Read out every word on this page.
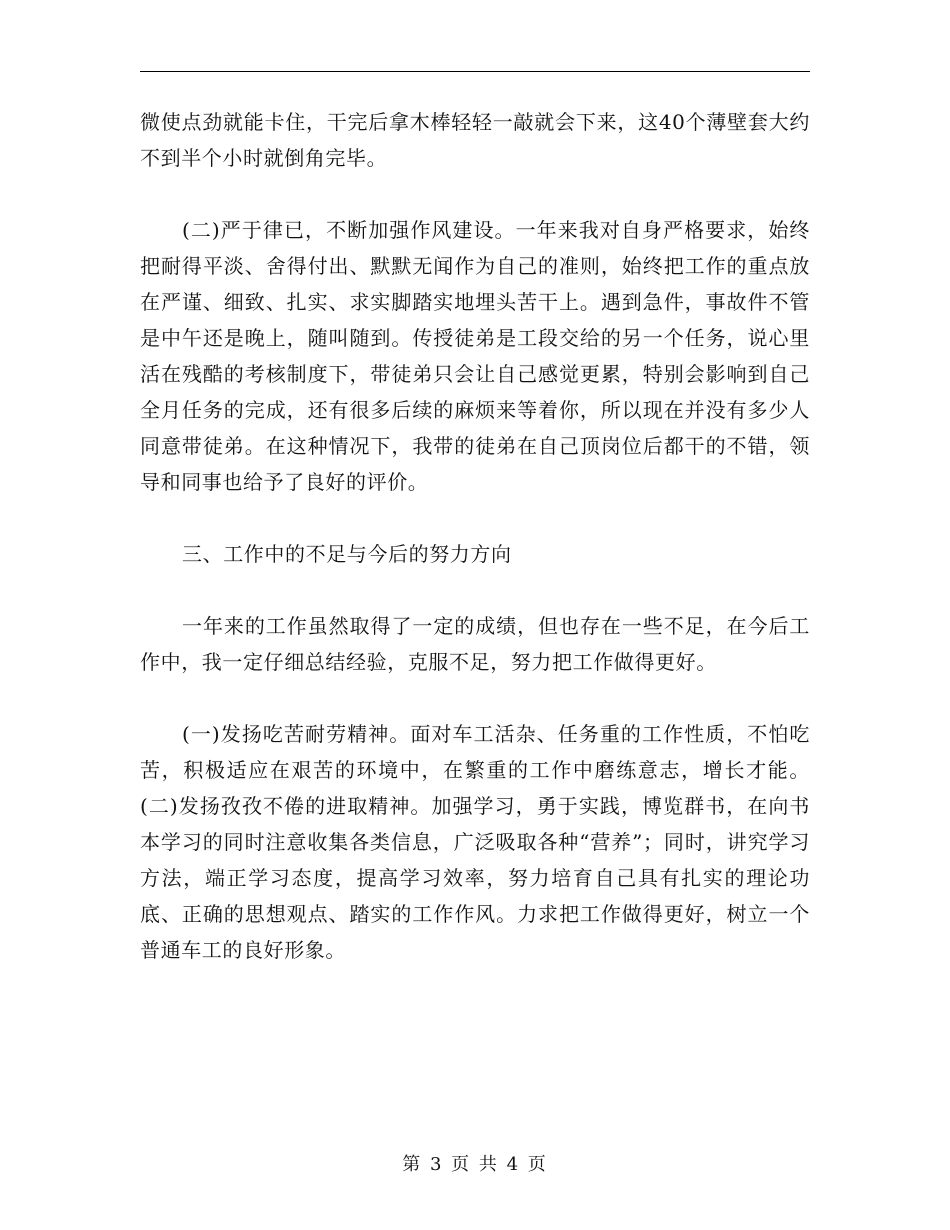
微使点劲就能卡住，干完后拿木棒轻轻一敲就会下来，这40个薄壁套大约不到半个小时就倒角完毕。

(二)严于律已，不断加强作风建设。一年来我对自身严格要求，始终把耐得平淡、舍得付出、默默无闻作为自己的准则，始终把工作的重点放在严谨、细致、扎实、求实脚踏实地埋头苦干上。遇到急件，事故件不管是中午还是晚上，随叫随到。传授徒弟是工段交给的另一个任务，说心里活在残酷的考核制度下，带徒弟只会让自己感觉更累，特别会影响到自己全月任务的完成，还有很多后续的麻烦来等着你，所以现在并没有多少人同意带徒弟。在这种情况下，我带的徒弟在自己顶岗位后都干的不错，领导和同事也给予了良好的评价。

三、工作中的不足与今后的努力方向

一年来的工作虽然取得了一定的成绩，但也存在一些不足，在今后工作中，我一定仔细总结经验，克服不足，努力把工作做得更好。

(一)发扬吃苦耐劳精神。面对车工活杂、任务重的工作性质，不怕吃苦，积极适应在艰苦的环境中，在繁重的工作中磨练意志，增长才能。 (二)发扬孜孜不倦的进取精神。加强学习，勇于实践，博览群书，在向书本学习的同时注意收集各类信息，广泛吸取各种“营养”；同时，讲究学习方法，端正学习态度，提高学习效率，努力培育自己具有扎实的理论功底、正确的思想观点、踏实的工作作风。力求把工作做得更好，树立一个普通车工的良好形象。

第 3 页 共 4 页
